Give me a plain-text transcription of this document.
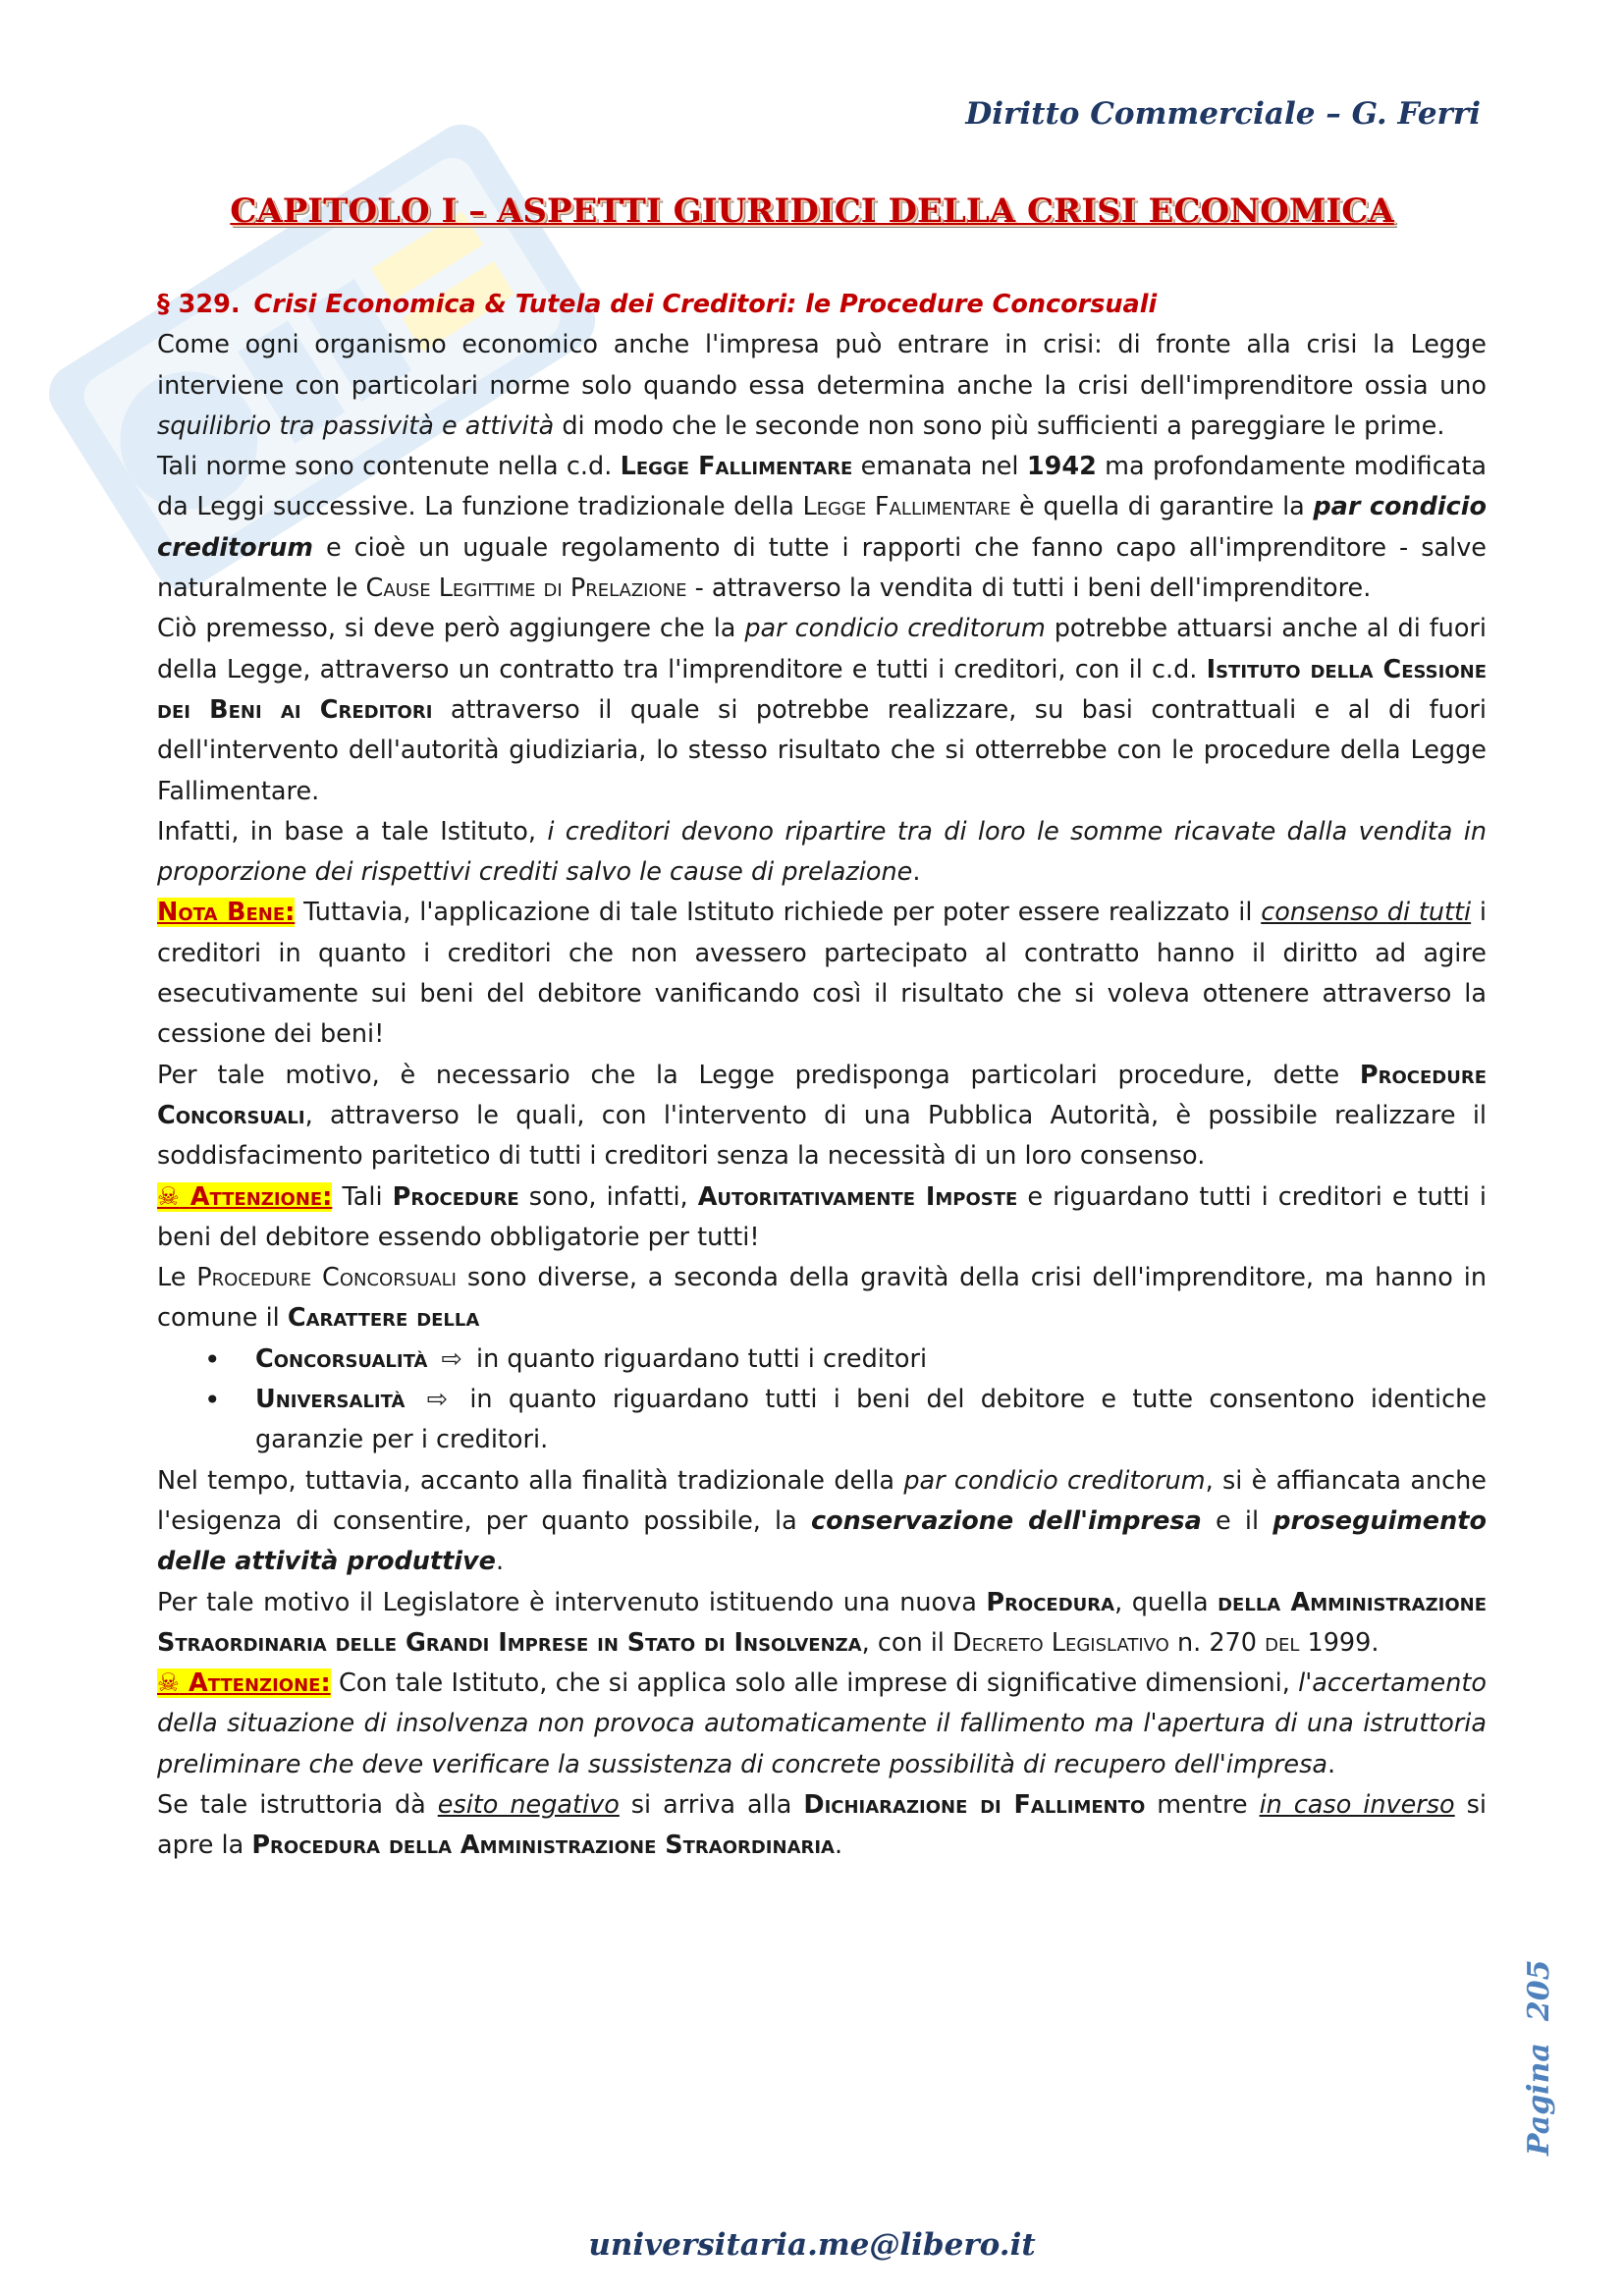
Diritto Commerciale – G. Ferri
CAPITOLO I – ASPETTI GIURIDICI DELLA CRISI ECONOMICA

§ 329. Crisi Economica & Tutela dei Creditori: le Procedure Concorsuali

Come ogni organismo economico anche l'impresa può entrare in crisi: di fronte alla crisi la Legge interviene con particolari norme solo quando essa determina anche la crisi dell'imprenditore ossia uno squilibrio tra passività e attività di modo che le seconde non sono più sufficienti a pareggiare le prime.

Tali norme sono contenute nella c.d. Legge Fallimentare emanata nel 1942 ma profondamente modificata da Leggi successive. La funzione tradizionale della Legge Fallimentare è quella di garantire la par condicio creditorum e cioè un uguale regolamento di tutte i rapporti che fanno capo all'imprenditore - salve naturalmente le Cause Legittime di Prelazione - attraverso la vendita di tutti i beni dell'imprenditore.

Ciò premesso, si deve però aggiungere che la par condicio creditorum potrebbe attuarsi anche al di fuori della Legge, attraverso un contratto tra l'imprenditore e tutti i creditori, con il c.d. Istituto della Cessione dei Beni ai Creditori attraverso il quale si potrebbe realizzare, su basi contrattuali e al di fuori dell'intervento dell'autorità giudiziaria, lo stesso risultato che si otterrebbe con le procedure della Legge Fallimentare.

Infatti, in base a tale Istituto, i creditori devono ripartire tra di loro le somme ricavate dalla vendita in proporzione dei rispettivi crediti salvo le cause di prelazione.

Nota Bene: Tuttavia, l'applicazione di tale Istituto richiede per poter essere realizzato il consenso di tutti i creditori in quanto i creditori che non avessero partecipato al contratto hanno il diritto ad agire esecutivamente sui beni del debitore vanificando così il risultato che si voleva ottenere attraverso la cessione dei beni!

Per tale motivo, è necessario che la Legge predisponga particolari procedure, dette Procedure Concorsuali, attraverso le quali, con l'intervento di una Pubblica Autorità, è possibile realizzare il soddisfacimento paritetico di tutti i creditori senza la necessità di un loro consenso.

☠ Attenzione: Tali Procedure sono, infatti, Autoritativamente Imposte e riguardano tutti i creditori e tutti i beni del debitore essendo obbligatorie per tutti!

Le Procedure Concorsuali sono diverse, a seconda della gravità della crisi dell'imprenditore, ma hanno in comune il Carattere della

• Concorsualità ⇨ in quanto riguardano tutti i creditori
• Universalità ⇨ in quanto riguardano tutti i beni del debitore e tutte consentono identiche garanzie per i creditori.

Nel tempo, tuttavia, accanto alla finalità tradizionale della par condicio creditorum, si è affiancata anche l'esigenza di consentire, per quanto possibile, la conservazione dell'impresa e il proseguimento delle attività produttive.

Per tale motivo il Legislatore è intervenuto istituendo una nuova Procedura, quella della Amministrazione Straordinaria delle Grandi Imprese in Stato di Insolvenza, con il Decreto Legislativo n. 270 del 1999.

☠ Attenzione: Con tale Istituto, che si applica solo alle imprese di significative dimensioni, l'accertamento della situazione di insolvenza non provoca automaticamente il fallimento ma l'apertura di una istruttoria preliminare che deve verificare la sussistenza di concrete possibilità di recupero dell'impresa.

Se tale istruttoria dà esito negativo si arriva alla Dichiarazione di Fallimento mentre in caso inverso si apre la Procedura della Amministrazione Straordinaria.

Pagina205
universitaria.me@libero.it
